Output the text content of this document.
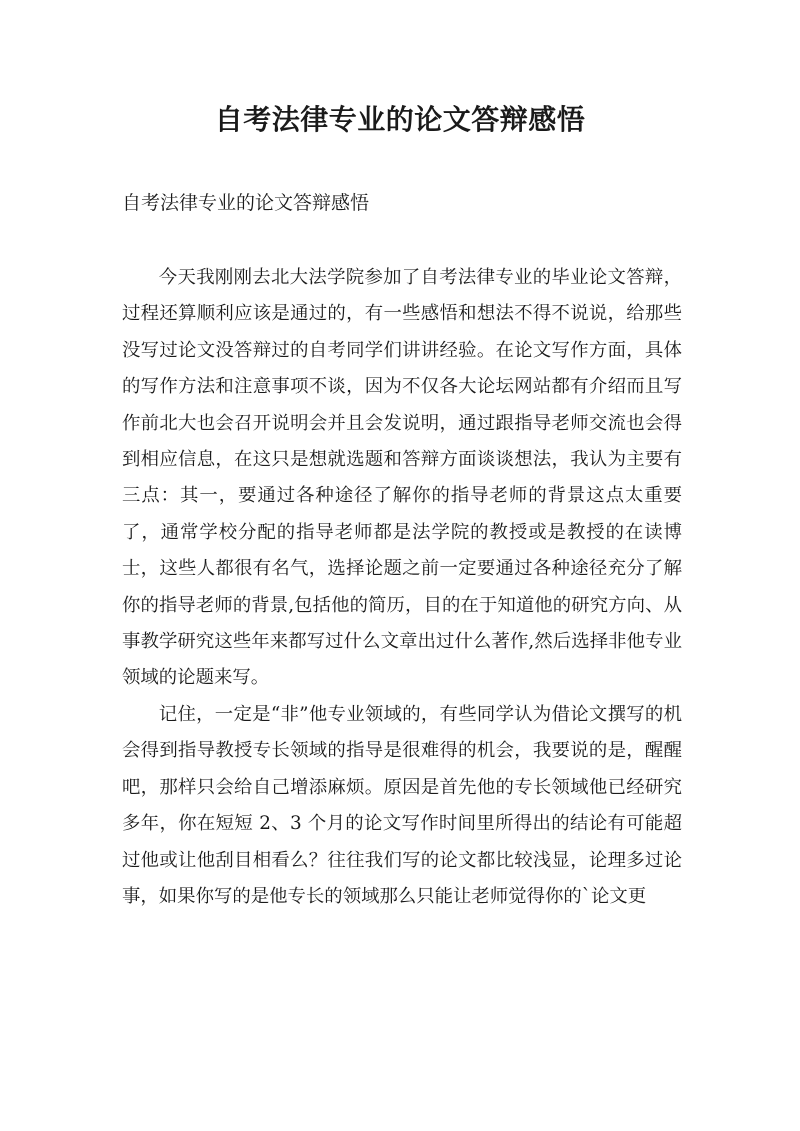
自考法律专业的论文答辩感悟

自考法律专业的论文答辩感悟

今天我刚刚去北大法学院参加了自考法律专业的毕业论文答辩，过程还算顺利应该是通过的，有一些感悟和想法不得不说说，给那些没写过论文没答辩过的自考同学们讲讲经验。在论文写作方面，具体的写作方法和注意事项不谈，因为不仅各大论坛网站都有介绍而且写作前北大也会召开说明会并且会发说明，通过跟指导老师交流也会得到相应信息，在这只是想就选题和答辩方面谈谈想法，我认为主要有三点：其一，要通过各种途径了解你的指导老师的背景这点太重要了，通常学校分配的指导老师都是法学院的教授或是教授的在读博士，这些人都很有名气，选择论题之前一定要通过各种途径充分了解你的指导老师的背景,包括他的简历，目的在于知道他的研究方向、从事教学研究这些年来都写过什么文章出过什么著作,然后选择非他专业领域的论题来写。

记住，一定是“非”他专业领域的，有些同学认为借论文撰写的机会得到指导教授专长领域的指导是很难得的机会，我要说的是，醒醒吧，那样只会给自己增添麻烦。原因是首先他的专长领域他已经研究多年，你在短短 2、3 个月的论文写作时间里所得出的结论有可能超过他或让他刮目相看么？往往我们写的论文都比较浅显，论理多过论事，如果你写的是他专长的领域那么只能让老师觉得你的`论文更
